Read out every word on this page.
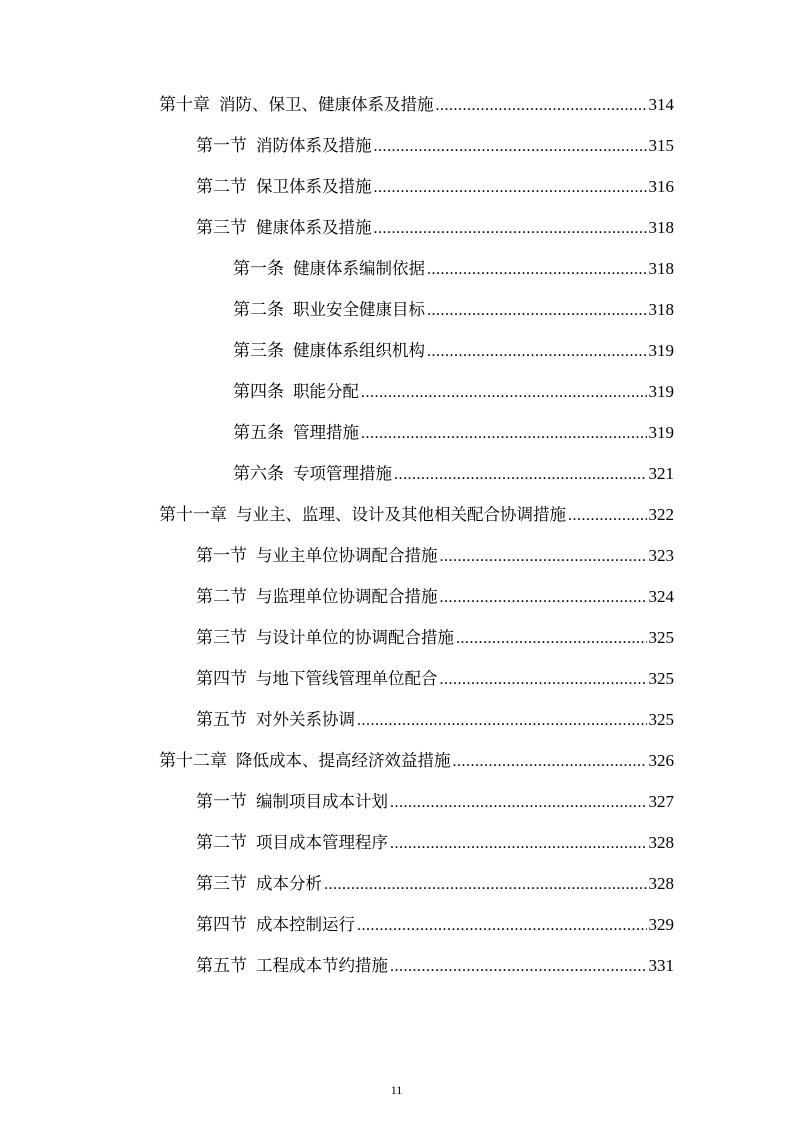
第十章 消防、保卫、健康体系及措施 .....	314
第一节 消防体系及措施 .....	315
第二节 保卫体系及措施 .....	316
第三节 健康体系及措施 .....	318
第一条 健康体系编制依据 .....	318
第二条 职业安全健康目标 .....	318
第三条 健康体系组织机构 .....	319
第四条 职能分配 .....	319
第五条 管理措施 .....	319
第六条 专项管理措施 .....	321
第十一章 与业主、监理、设计及其他相关配合协调措施 .....	322
第一节 与业主单位协调配合措施 .....	323
第二节 与监理单位协调配合措施 .....	324
第三节 与设计单位的协调配合措施 .....	325
第四节 与地下管线管理单位配合 .....	325
第五节 对外关系协调 .....	325
第十二章 降低成本、提高经济效益措施 .....	326
第一节 编制项目成本计划 .....	327
第二节 项目成本管理程序 .....	328
第三节 成本分析 .....	328
第四节 成本控制运行 .....	329
第五节 工程成本节约措施 .....	331
11
